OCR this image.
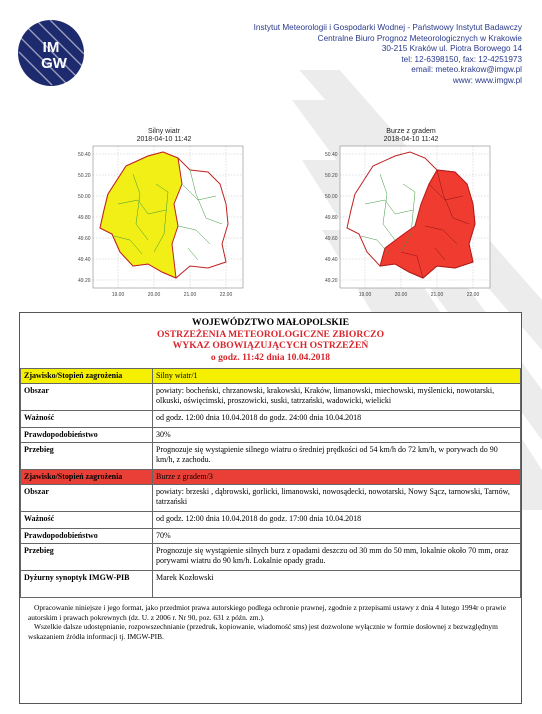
IM
GW
Instytut Meteorologii i Gospodarki Wodnej - Państwowy Instytut Badawczy
Centralne Biuro Prognoz Meteorologicznych w Krakowie
30-215 Kraków ul. Piotra Borowego 14
tel: 12-6398150, fax: 12-4251973
email: meteo.krakow@imgw.pl
www: www.imgw.pl
Silny wiatr
2018-04-10 11:42
50.40
50.20
50.00
49.80
49.60
49.40
49.20
19.00	20.00	21.00	22.00
Burze z gradem
2018-04-10 11:42
50.40
50.20
50.00
49.80
49.60
49.40
49.20
19.00	20.00	21.00	22.00
WOJEWÓDZTWO MAŁOPOLSKIE
OSTRZEŻENIA METEOROLOGICZNE ZBIORCZO
WYKAZ OBOWIĄZUJĄCYCH OSTRZEŻEŃ
o godz. 11:42 dnia 10.04.2018
Zjawisko/Stopień zagrożenia	Silny wiatr/1
Obszar	powiaty: bocheński, chrzanowski, krakowski, Kraków, limanowski, miechowski, myślenicki, nowotarski, olkuski, oświęcimski, proszowicki, suski, tatrzański, wadowicki, wielicki
Ważność	od godz. 12:00 dnia 10.04.2018 do godz. 24:00 dnia 10.04.2018
Prawdopodobieństwo	30%
Przebieg	Prognozuje się wystąpienie silnego wiatru o średniej prędkości od 54 km/h do 72 km/h, w porywach do 90 km/h, z zachodu.
Zjawisko/Stopień zagrożenia	Burze z gradem/3
Obszar	powiaty: brzeski , dąbrowski, gorlicki, limanowski, nowosądecki, nowotarski, Nowy Sącz, tarnowski, Tarnów, tatrzański
Ważność	od godz. 12:00 dnia 10.04.2018 do godz. 17:00 dnia 10.04.2018
Prawdopodobieństwo	70%
Przebieg	Prognozuje się wystąpienie silnych burz z opadami deszczu od 30 mm do 50 mm, lokalnie około 70 mm, oraz porywami wiatru do 90 km/h. Lokalnie opady gradu.
Dyżurny synoptyk IMGW-PIB	Marek Kozłowski
Opracowanie niniejsze i jego format, jako przedmiot prawa autorskiego podlega ochronie prawnej, zgodnie z przepisami ustawy z dnia 4 lutego 1994r o prawie autorskim i prawach pokrewnych (dz. U. z 2006 r. Nr 90, poz. 631 z późn. zm.).
Wszelkie dalsze udostępnianie, rozpowszechnianie (przedruk, kopiowanie, wiadomość sms) jest dozwolone wyłącznie w formie dosłownej z bezwzględnym wskazaniem źródła informacji tj. IMGW-PIB.
